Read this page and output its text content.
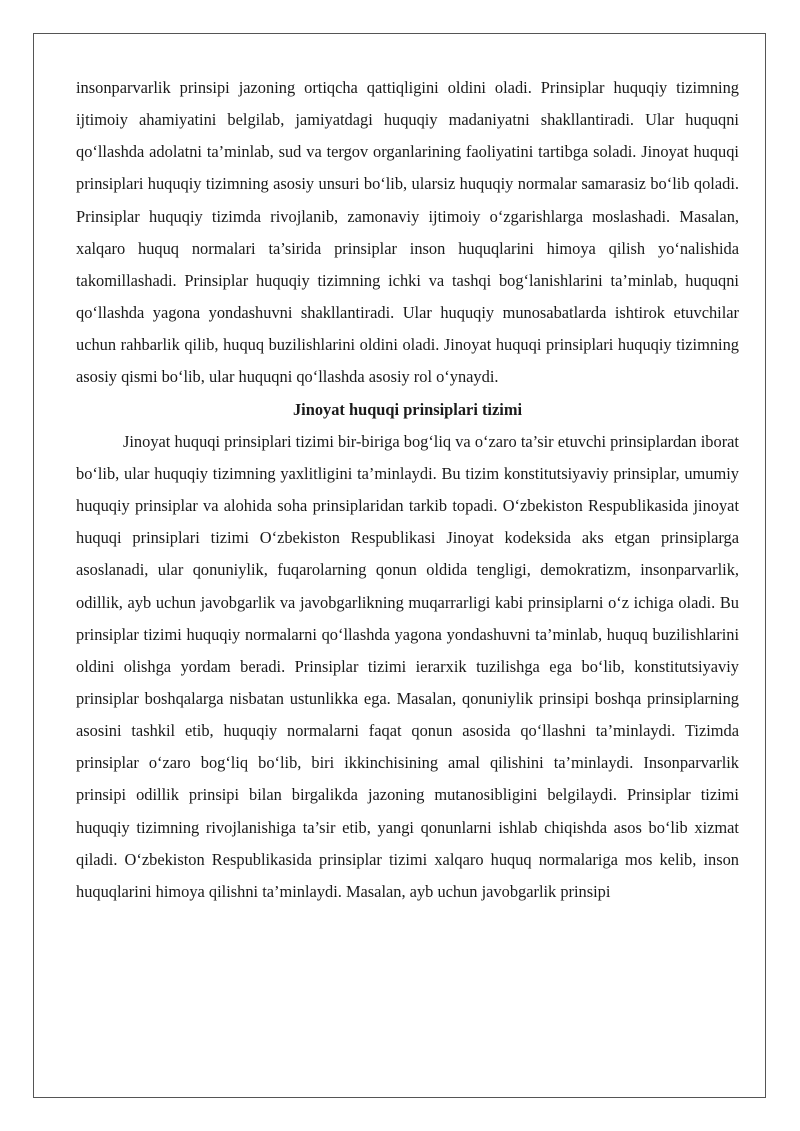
insonparvarlik prinsipi jazoning ortiqcha qattiqligini oldini oladi. Prinsiplar huquqiy tizimning ijtimoiy ahamiyatini belgilab, jamiyatdagi huquqiy madaniyatni shakllantiradi. Ular huquqni qo‘llashda adolatni ta’minlab, sud va tergov organlarining faoliyatini tartibga soladi. Jinoyat huquqi prinsiplari huquqiy tizimning asosiy unsuri bo‘lib, ularsiz huquqiy normalar samarasiz bo‘lib qoladi. Prinsiplar huquqiy tizimda rivojlanib, zamonaviy ijtimoiy o‘zgarishlarga moslashadi. Masalan, xalqaro huquq normalari ta’sirida prinsiplar inson huquqlarini himoya qilish yo‘nalishida takomillashadi. Prinsiplar huquqiy tizimning ichki va tashqi bog‘lanishlarini ta’minlab, huquqni qo‘llashda yagona yondashuvni shakllantiradi. Ular huquqiy munosabatlarda ishtirok etuvchilar uchun rahbarlik qilib, huquq buzilishlarini oldini oladi. Jinoyat huquqi prinsiplari huquqiy tizimning asosiy qismi bo‘lib, ular huquqni qo‘llashda asosiy rol o‘ynaydi.

Jinoyat huquqi prinsiplari tizimi

Jinoyat huquqi prinsiplari tizimi bir-biriga bog‘liq va o‘zaro ta’sir etuvchi prinsiplardan iborat bo‘lib, ular huquqiy tizimning yaxlitligini ta’minlaydi. Bu tizim konstitutsiyaviy prinsiplar, umumiy huquqiy prinsiplar va alohida soha prinsiplaridan tarkib topadi. O‘zbekiston Respublikasida jinoyat huquqi prinsiplari tizimi O‘zbekiston Respublikasi Jinoyat kodeksida aks etgan prinsiplarga asoslanadi, ular qonuniylik, fuqarolarning qonun oldida tengligi, demokratizm, insonparvarlik, odillik, ayb uchun javobgarlik va javobgarlikning muqarrarligi kabi prinsiplarni o‘z ichiga oladi. Bu prinsiplar tizimi huquqiy normalarni qo‘llashda yagona yondashuvni ta’minlab, huquq buzilishlarini oldini olishga yordam beradi. Prinsiplar tizimi ierarxik tuzilishga ega bo‘lib, konstitutsiyaviy prinsiplar boshqalarga nisbatan ustunlikka ega. Masalan, qonuniylik prinsipi boshqa prinsiplarning asosini tashkil etib, huquqiy normalarni faqat qonun asosida qo‘llashni ta’minlaydi. Tizimda prinsiplar o‘zaro bog‘liq bo‘lib, biri ikkinchisining amal qilishini ta’minlaydi. Insonparvarlik prinsipi odillik prinsipi bilan birgalikda jazoning mutanosibligini belgilaydi. Prinsiplar tizimi huquqiy tizimning rivojlanishiga ta’sir etib, yangi qonunlarni ishlab chiqishda asos bo‘lib xizmat qiladi. O‘zbekiston Respublikasida prinsiplar tizimi xalqaro huquq normalariga mos kelib, inson huquqlarini himoya qilishni ta’minlaydi. Masalan, ayb uchun javobgarlik prinsipi
